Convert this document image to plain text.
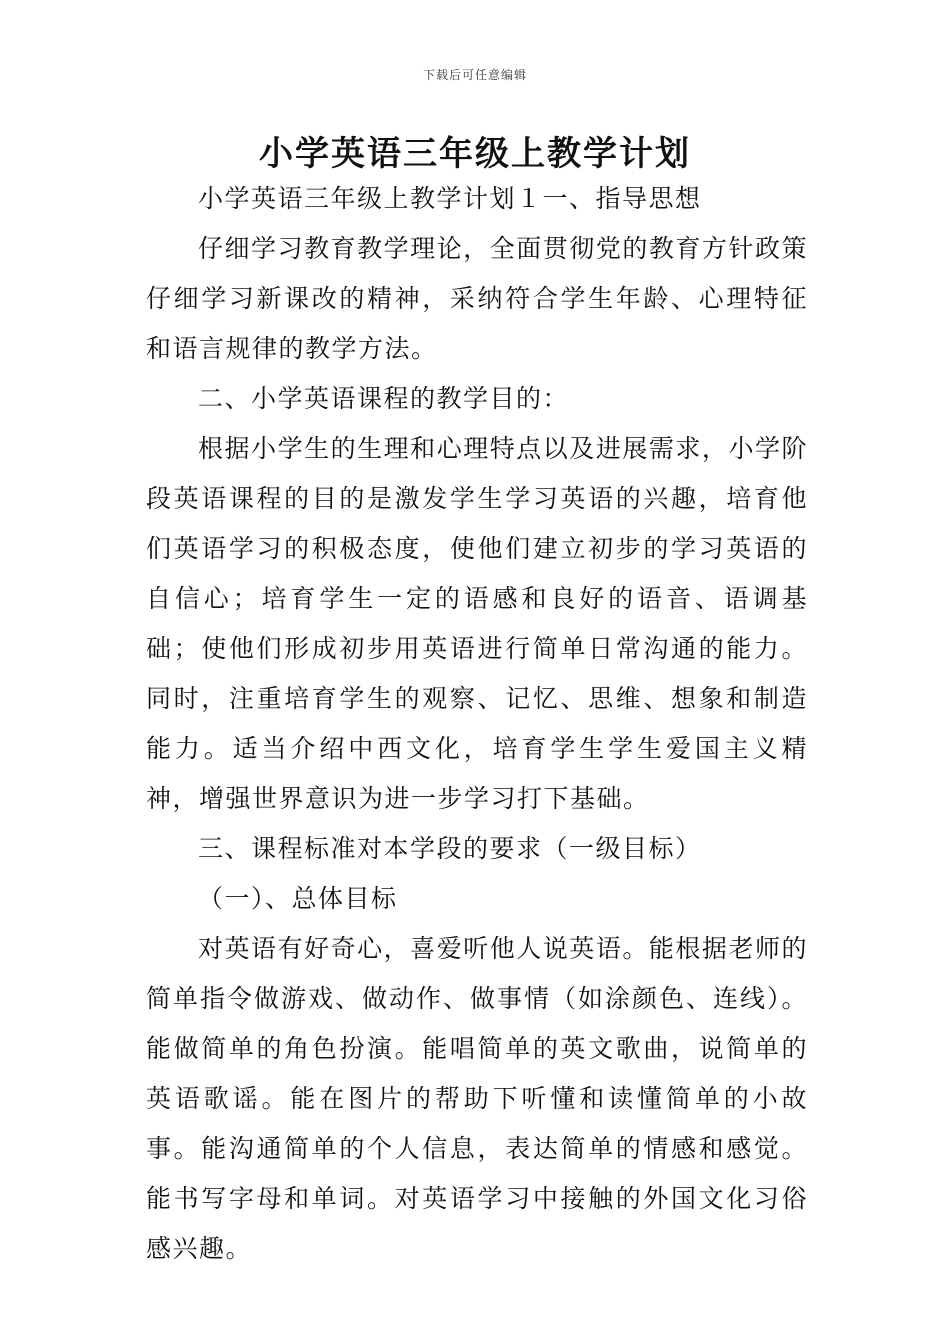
下载后可任意编辑
小学英语三年级上教学计划

小学英语三年级上教学计划１一、指导思想

仔细学习教育教学理论，全面贯彻党的教育方针政策仔细学习新课改的精神，采纳符合学生年龄、心理特征和语言规律的教学方法。

二、小学英语课程的教学目的：

根据小学生的生理和心理特点以及进展需求，小学阶段英语课程的目的是激发学生学习英语的兴趣，培育他们英语学习的积极态度，使他们建立初步的学习英语的自信心；培育学生一定的语感和良好的语音、语调基础；使他们形成初步用英语进行简单日常沟通的能力。同时，注重培育学生的观察、记忆、思维、想象和制造能力。适当介绍中西文化，培育学生学生爱国主义精神，增强世界意识为进一步学习打下基础。

三、课程标准对本学段的要求（一级目标）

（一）、总体目标

对英语有好奇心，喜爱听他人说英语。能根据老师的简单指令做游戏、做动作、做事情（如涂颜色、连线）。能做简单的角色扮演。能唱简单的英文歌曲，说简单的英语歌谣。能在图片的帮助下听懂和读懂简单的小故事。能沟通简单的个人信息，表达简单的情感和感觉。能书写字母和单词。对英语学习中接触的外国文化习俗感兴趣。
